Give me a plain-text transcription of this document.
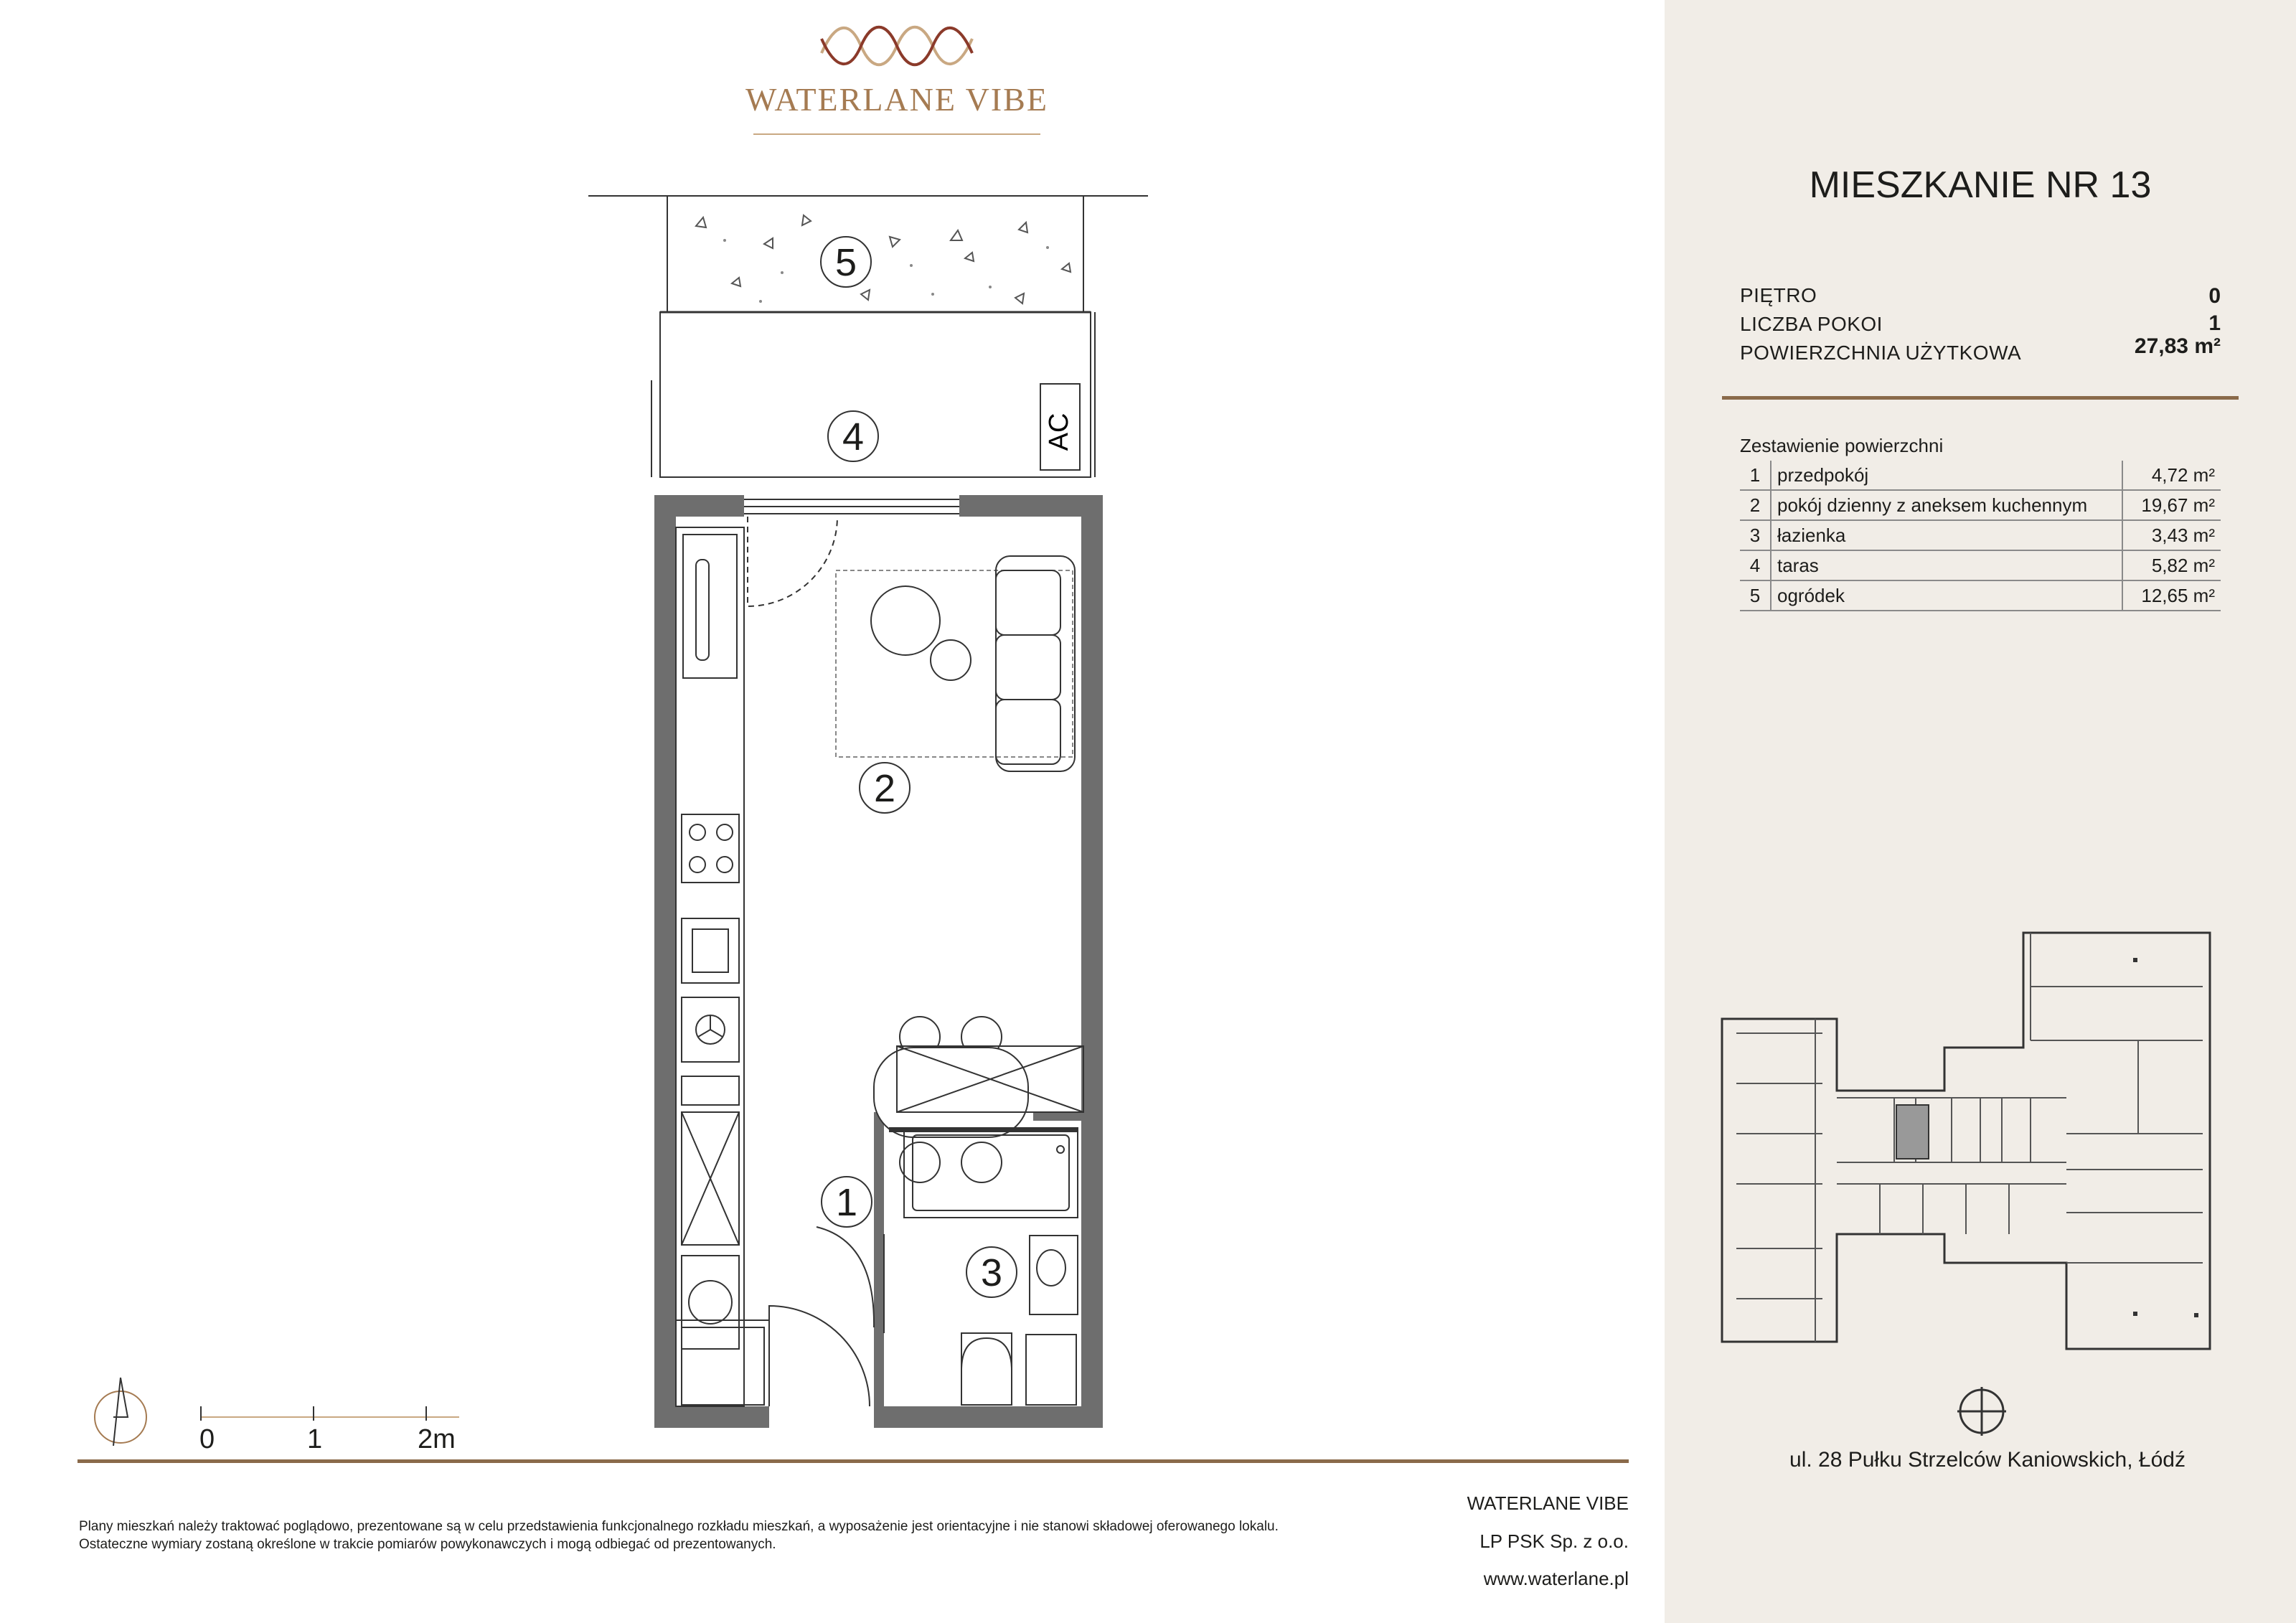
WATERLANE VIBE
AC
1
2
3
4
5
0	1	2m
Plany mieszkań należy traktować poglądowo, prezentowane są w celu przedstawienia funkcjonalnego rozkładu mieszkań, a wyposażenie jest orientacyjne i nie stanowi składowej oferowanego lokalu.
Ostateczne wymiary zostaną określone w trakcie pomiarów powykonawczych i mogą odbiegać od prezentowanych.
WATERLANE VIBE
LP PSK Sp. z o.o.
www.waterlane.pl
MIESZKANIE NR 13
PIĘTRO	0
LICZBA POKOI	1
POWIERZCHNIA UŻYTKOWA	27,83 m²
Zestawienie powierzchni
1	przedpokój	4,72 m²
2	pokój dzienny z aneksem kuchennym	19,67 m²
3	łazienka	3,43 m²
4	taras	5,82 m²
5	ogródek	12,65 m²
ul. 28 Pułku Strzelców Kaniowskich, Łódź
